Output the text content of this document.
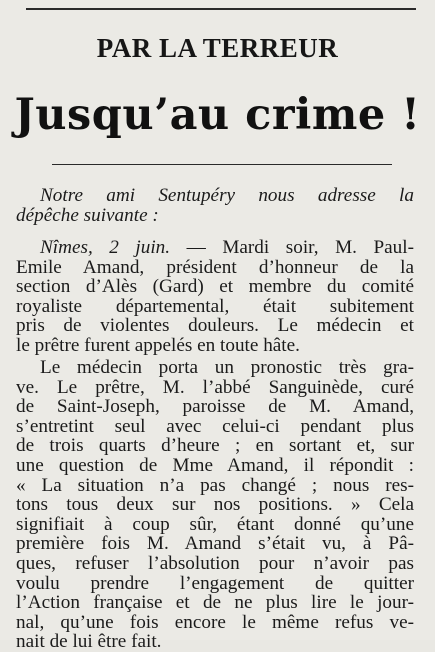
PAR LA TERREUR
Jusqu’au crime !
Notre ami Sentupéry nous adresse la
dépêche suivante :
Nîmes, 2 juin. — Mardi soir, M. Paul-
Emile Amand, président d’honneur de la
section d’Alès (Gard) et membre du comité
royaliste départemental, était subitement
pris de violentes douleurs. Le médecin et
le prêtre furent appelés en toute hâte.
Le médecin porta un pronostic très gra-
ve. Le prêtre, M. l’abbé Sanguinède, curé
de Saint-Joseph, paroisse de M. Amand,
s’entretint seul avec celui-ci pendant plus
de trois quarts d’heure ; en sortant et, sur
une question de Mme Amand, il répondit :
« La situation n’a pas changé ; nous res-
tons tous deux sur nos positions. » Cela
signifiait à coup sûr, étant donné qu’une
première fois M. Amand s’était vu, à Pâ-
ques, refuser l’absolution pour n’avoir pas
voulu prendre l’engagement de quitter
l’Action française et de ne plus lire le jour-
nal, qu’une fois encore le même refus ve-
nait de lui être fait.
